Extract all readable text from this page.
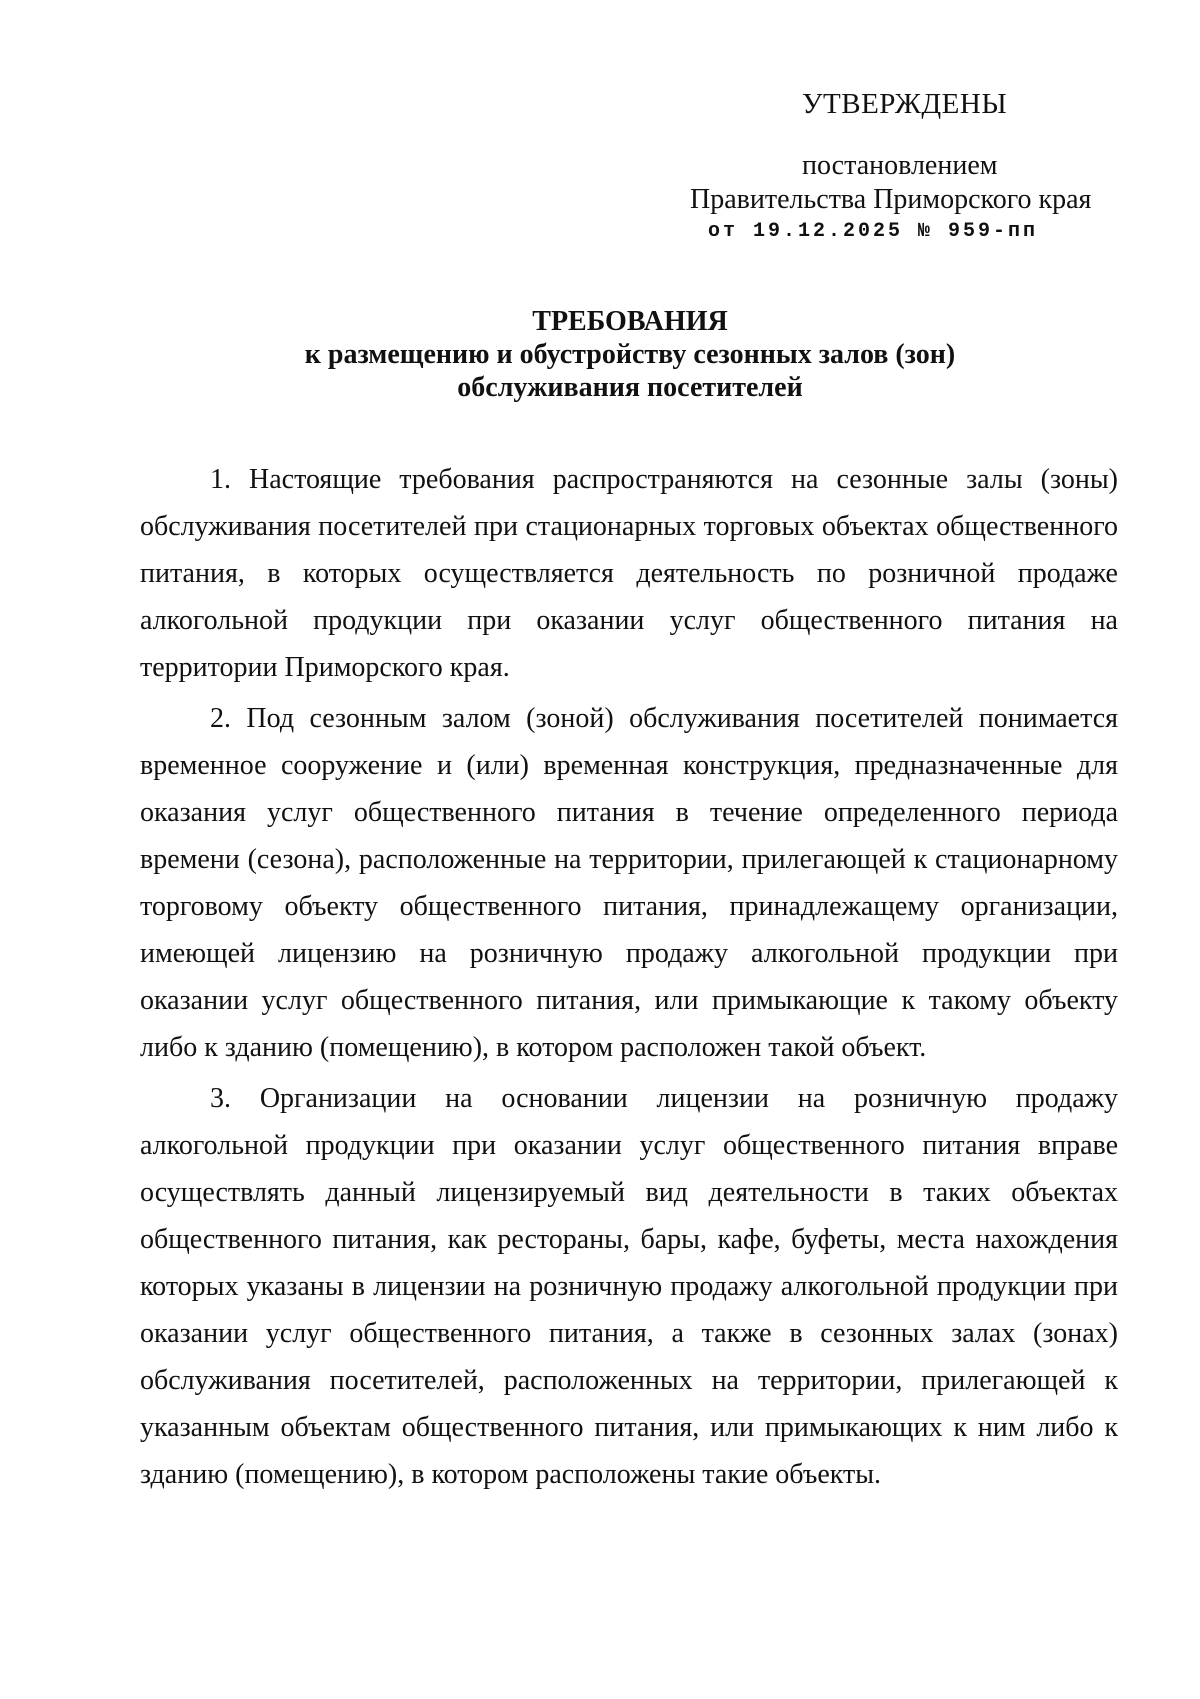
УТВЕРЖДЕНЫ
постановлением
Правительства Приморского края
от 19.12.2025 № 959-пп
ТРЕБОВАНИЯ
к размещению и обустройству сезонных залов (зон)
обслуживания посетителей

1. Настоящие требования распространяются на сезонные залы (зоны) обслуживания посетителей при стационарных торговых объектах общественного питания, в которых осуществляется деятельность по розничной продаже алкогольной продукции при оказании услуг общественного питания на территории Приморского края.

2. Под сезонным залом (зоной) обслуживания посетителей понимается временное сооружение и (или) временная конструкция, предназначенные для оказания услуг общественного питания в течение определенного периода времени (сезона), расположенные на территории, прилегающей к стационарному торговому объекту общественного питания, принадлежащему организации, имеющей лицензию на розничную продажу алкогольной продукции при оказании услуг общественного питания, или примыкающие к такому объекту либо к зданию (помещению), в котором расположен такой объект.

3. Организации на основании лицензии на розничную продажу алкогольной продукции при оказании услуг общественного питания вправе осуществлять данный лицензируемый вид деятельности в таких объектах общественного питания, как рестораны, бары, кафе, буфеты, места нахождения которых указаны в лицензии на розничную продажу алкогольной продукции при оказании услуг общественного питания, а также в сезонных залах (зонах) обслуживания посетителей, расположенных на территории, прилегающей к указанным объектам общественного питания, или примыкающих к ним либо к зданию (помещению), в котором расположены такие объекты.
